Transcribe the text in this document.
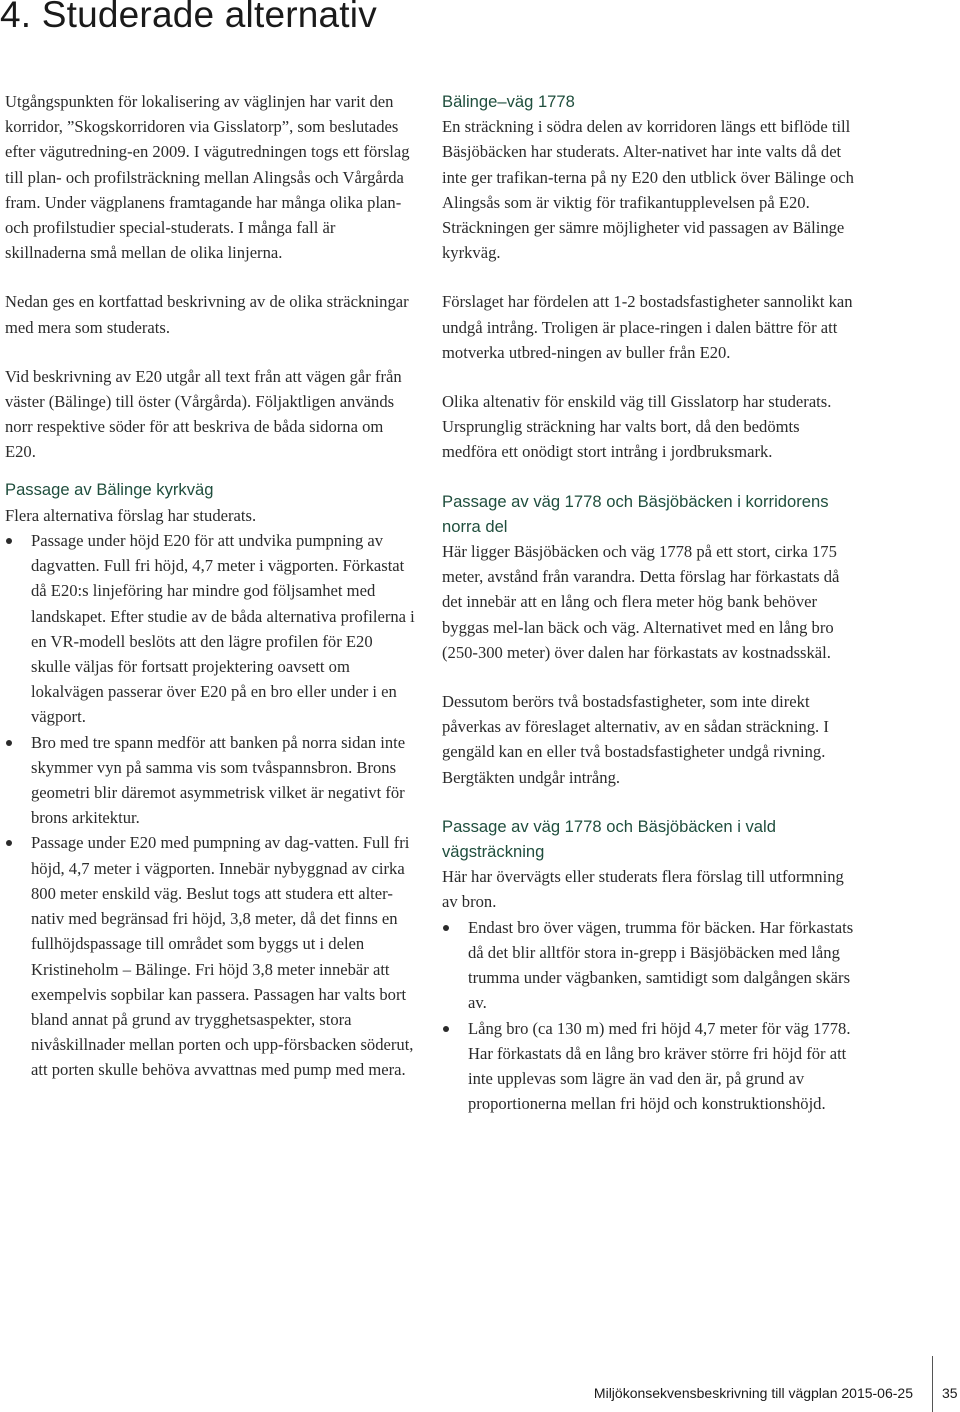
4. Studerade alternativ

Utgångspunkten för lokalisering av väglinjen har varit den korridor, ”Skogskorridoren via Gisslatorp”, som beslutades efter vägutredning-en 2009. I vägutredningen togs ett förslag till plan- och profilsträckning mellan Alingsås och Vårgårda fram. Under vägplanens framtagande har många olika plan- och profilstudier special-studerats. I många fall är skillnaderna små mellan de olika linjerna.

Nedan ges en kortfattad beskrivning av de olika sträckningar med mera som studerats.

Vid beskrivning av E20 utgår all text från att vägen går från väster (Bälinge) till öster (Vårgårda). Följaktligen används norr respektive söder för att beskriva de båda sidorna om E20.

Passage av Bälinge kyrkväg

Flera alternativa förslag har studerats.

Passage under höjd E20 för att undvika pumpning av dagvatten. Full fri höjd, 4,7 meter i vägporten. Förkastat då E20:s linjeföring har mindre god följsamhet med landskapet. Efter studie av de båda alternativa profilerna i en VR-modell beslöts att den lägre profilen för E20 skulle väljas för fortsatt projektering oavsett om lokalvägen passerar över E20 på en bro eller under i en vägport.
Bro med tre spann medför att banken på norra sidan inte skymmer vyn på samma vis som tvåspannsbron. Brons geometri blir däremot asymmetrisk vilket är negativt för brons arkitektur.
Passage under E20 med pumpning av dag-vatten. Full fri höjd, 4,7 meter i vägporten. Innebär nybyggnad av cirka 800 meter enskild väg. Beslut togs att studera ett alter-nativ med begränsad fri höjd, 3,8 meter, då det finns en fullhöjdspassage till området som byggs ut i delen Kristineholm – Bälinge. Fri höjd 3,8 meter innebär att exempelvis sopbilar kan passera. Passagen har valts bort bland annat på grund av trygghetsaspekter, stora nivåskillnader mellan porten och upp-försbacken söderut, att porten skulle behöva avvattnas med pump med mera.
Bälinge–väg 1778

En sträckning i södra delen av korridoren längs ett biflöde till Bäsjöbäcken har studerats. Alter-nativet har inte valts då det inte ger trafikan-terna på ny E20 den utblick över Bälinge och Alingsås som är viktig för trafikantupplevelsen på E20. Sträckningen ger sämre möjligheter vid passagen av Bälinge kyrkväg.

Förslaget har fördelen att 1-2 bostadsfastigheter sannolikt kan undgå intrång. Troligen är place-ringen i dalen bättre för att motverka utbred-ningen av buller från E20.

Olika altenativ för enskild väg till Gisslatorp har studerats. Ursprunglig sträckning har valts bort, då den bedömts medföra ett onödigt stort intrång i jordbruksmark.

Passage av väg 1778 och Bäsjöbäcken i korridorens norra del

Här ligger Bäsjöbäcken och väg 1778 på ett stort, cirka 175 meter, avstånd från varandra. Detta förslag har förkastats då det innebär att en lång och flera meter hög bank behöver byggas mel-lan bäck och väg. Alternativet med en lång bro (250-300 meter) över dalen har förkastats av kostnadsskäl.

Dessutom berörs två bostadsfastigheter, som inte direkt påverkas av föreslaget alternativ, av en sådan sträckning. I gengäld kan en eller två bostadsfastigheter undgå rivning. Bergtäkten undgår intrång.

Passage av väg 1778 och Bäsjöbäcken i vald vägsträckning

Här har övervägts eller studerats flera förslag till utformning av bron.

Endast bro över vägen, trumma för bäcken. Har förkastats då det blir alltför stora in-grepp i Bäsjöbäcken med lång trumma under vägbanken, samtidigt som dalgången skärs av.
Lång bro (ca 130 m) med fri höjd 4,7 meter för väg 1778. Har förkastats då en lång bro kräver större fri höjd för att inte upplevas som lägre än vad den är, på grund av proportionerna mellan fri höjd och konstruktionshöjd.
Miljökonsekvensbeskrivning till vägplan 2015-06-25 35
